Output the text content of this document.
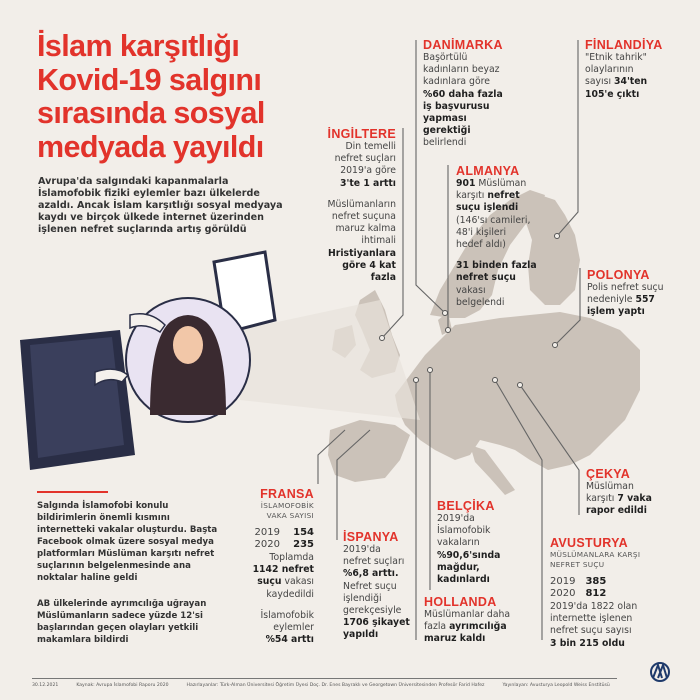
İslam karşıtlığı
Kovid-19 salgını
sırasında sosyal
medyada yayıldı
Avrupa'da salgındaki kapanmalarla İslamofobik fiziki eylemler bazı ülkelerde azaldı. Ancak İslam karşıtlığı sosyal medyaya kaydı ve birçok ülkede internet üzerinden işlenen nefret suçlarında artış görüldü
İNGİLTERE
Din temelli
nefret suçları
2019'a göre
3'te 1 arttı
Müslümanların
nefret suçuna
maruz kalma
ihtimali
Hristiyanlara
göre 4 kat
fazla
DANİMARKA
Başörtülü
kadınların beyaz
kadınlara göre
%60 daha fazla
iş başvurusu
yapması
gerektiği
belirlendi
FİNLANDİYA
"Etnik tahrik"
olaylarının
sayısı 34'ten
105'e çıktı
ALMANYA
901 Müslüman
karşıtı nefret
suçu işlendi
(146'sı camileri,
48'i kişileri
hedef aldı)
31 binden fazla
nefret suçu
vakası
belgelendi
POLONYA
Polis nefret suçu
nedeniyle 557
işlem yaptı
FRANSA
İSLAMOFOBİK
VAKA SAYISI
2019	154
2020	235
Toplamda
1142 nefret
suçu vakası
kaydedildi
İslamofobik
eylemler
%54 arttı
İSPANYA
2019'da
nefret suçları
%6,8 arttı.
Nefret suçu
işlendiği
gerekçesiyle
1706 şikayet
yapıldı
BELÇİKA
2019'da
İslamofobik
vakaların
%90,6'sında
mağdur,
kadınlardı
HOLLANDA
Müslümanlar daha
fazla ayrımcılığa
maruz kaldı
ÇEKYA
Müslüman
karşıtı 7 vaka
rapor edildi
AVUSTURYA
MÜSLÜMANLARA KARŞI
NEFRET SUÇU
2019 385
2020 812
2019'da 1822 olan
internette işlenen
nefret suçu sayısı
3 bin 215 oldu
Salgında İslamofobi konulu bildirimlerin önemli kısmını internetteki vakalar oluşturdu. Başta Facebook olmak üzere sosyal medya platformları Müslüman karşıtı nefret suçlarının belgelenmesinde ana noktalar haline geldi
AB ülkelerinde ayrımcılığa uğrayan Müslümanların sadece yüzde 12'si başlarından geçen olayları yetkili makamlara bildirdi
30.12.2021	Kaynak: Avrupa İslamofobi Raporu 2020	Hazırlayanlar: Türk-Alman Üniversitesi Öğretim Üyesi Doç. Dr. Enes Bayraklı ve Georgetown Üniversitesinden Profesör Farid Hafez	Yayınlayan: Avusturya Leopold Weiss Enstitüsü
